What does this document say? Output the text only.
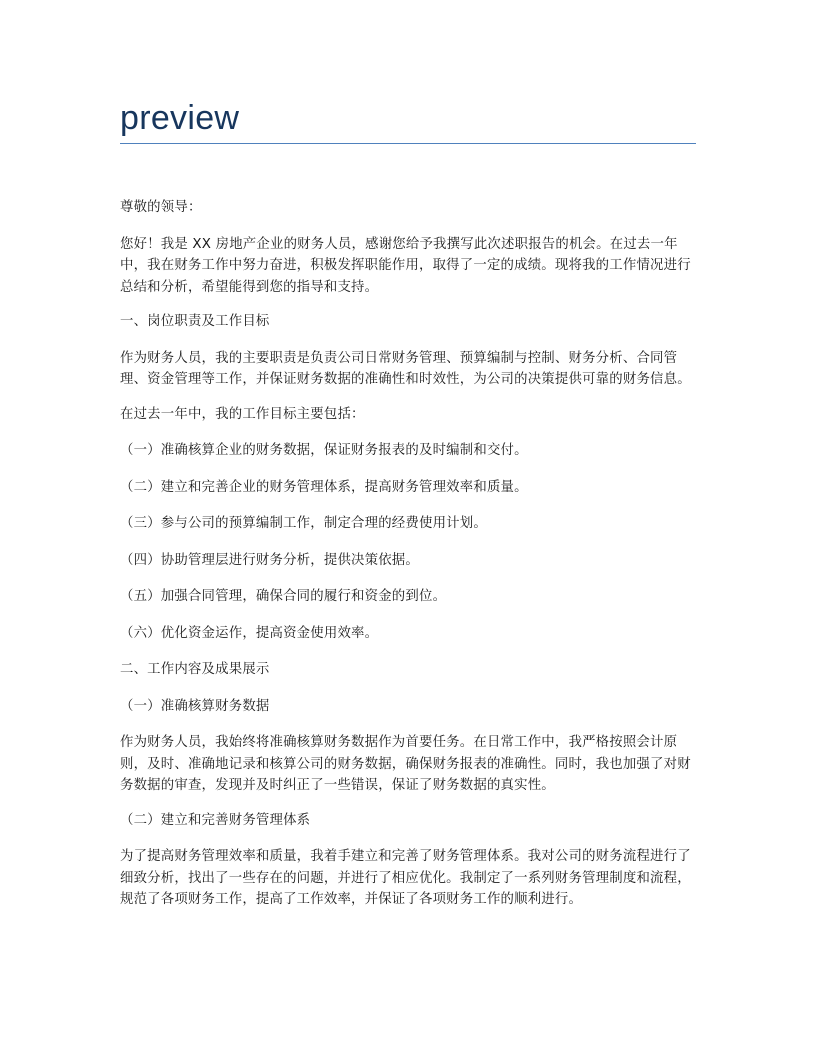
preview

尊敬的领导：

您好！我是 XX 房地产企业的财务人员，感谢您给予我撰写此次述职报告的机会。在过去一年中，我在财务工作中努力奋进，积极发挥职能作用，取得了一定的成绩。现将我的工作情况进行总结和分析，希望能得到您的指导和支持。

一、岗位职责及工作目标

作为财务人员，我的主要职责是负责公司日常财务管理、预算编制与控制、财务分析、合同管理、资金管理等工作，并保证财务数据的准确性和时效性，为公司的决策提供可靠的财务信息。

在过去一年中，我的工作目标主要包括：

（一）准确核算企业的财务数据，保证财务报表的及时编制和交付。

（二）建立和完善企业的财务管理体系，提高财务管理效率和质量。

（三）参与公司的预算编制工作，制定合理的经费使用计划。

（四）协助管理层进行财务分析，提供决策依据。

（五）加强合同管理，确保合同的履行和资金的到位。

（六）优化资金运作，提高资金使用效率。

二、工作内容及成果展示

（一）准确核算财务数据

作为财务人员，我始终将准确核算财务数据作为首要任务。在日常工作中，我严格按照会计原则，及时、准确地记录和核算公司的财务数据，确保财务报表的准确性。同时，我也加强了对财务数据的审查，发现并及时纠正了一些错误，保证了财务数据的真实性。

（二）建立和完善财务管理体系

为了提高财务管理效率和质量，我着手建立和完善了财务管理体系。我对公司的财务流程进行了细致分析，找出了一些存在的问题，并进行了相应优化。我制定了一系列财务管理制度和流程，规范了各项财务工作，提高了工作效率，并保证了各项财务工作的顺利进行。
